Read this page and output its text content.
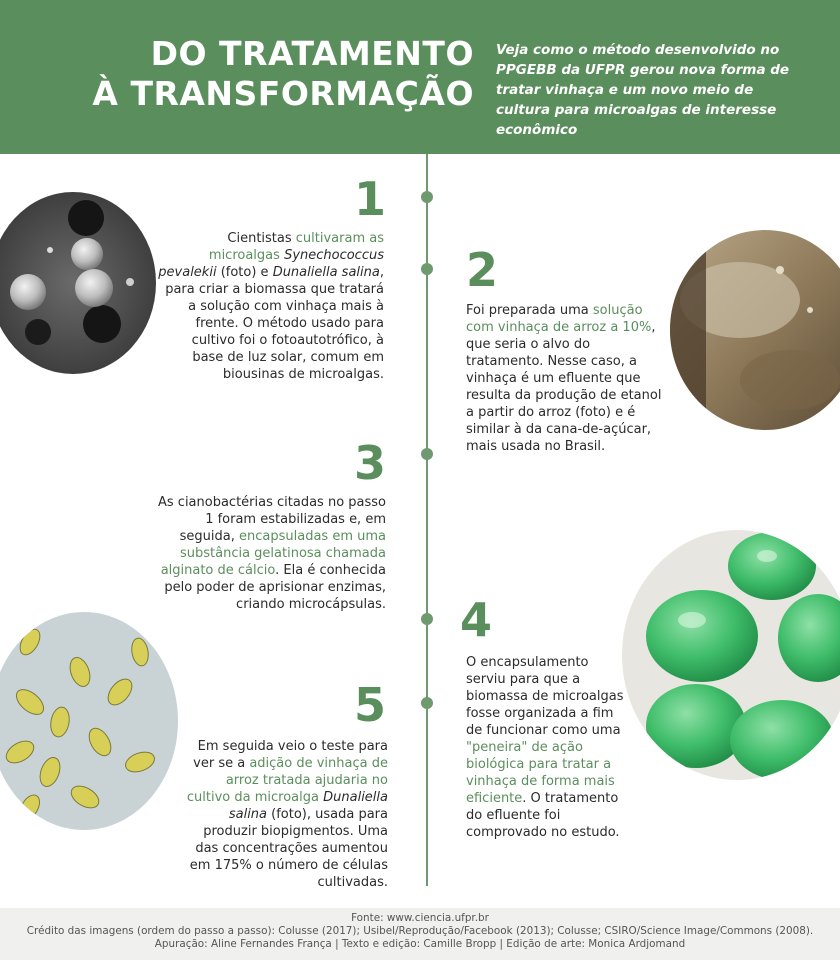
DO TRATAMENTO
À TRANSFORMAÇÃO

Veja como o método desenvolvido no PPGEBB da UFPR gerou nova forma de tratar vinhaça e um novo meio de cultura para microalgas de interesse econômico

1

Cientistas cultivaram as microalgas Synechococcus pevalekii (foto) e Dunaliella salina, para criar a biomassa que tratará a solução com vinhaça mais à frente. O método usado para cultivo foi o fotoautotrófico, à base de luz solar, comum em biousinas de microalgas.

2

Foi preparada uma solução com vinhaça de arroz a 10%, que seria o alvo do tratamento. Nesse caso, a vinhaça é um efluente que resulta da produção de etanol a partir do arroz (foto) e é similar à da cana-de-açúcar, mais usada no Brasil.

3

As cianobactérias citadas no passo 1 foram estabilizadas e, em seguida, encapsuladas em uma substância gelatinosa chamada alginato de cálcio. Ela é conhecida pelo poder de aprisionar enzimas, criando microcápsulas. 4

O encapsulamento serviu para que a biomassa de microalgas fosse organizada a fim de funcionar como uma "peneira" de ação biológica para tratar a vinhaça de forma mais eficiente. O tratamento do efluente foi comprovado no estudo.

5

Em seguida veio o teste para ver se a adição de vinhaça de arroz tratada ajudaria no cultivo da microalga Dunaliella salina (foto), usada para produzir biopigmentos. Uma das concentrações aumentou em 175% o número de células cultivadas.

Fonte: www.ciencia.ufpr.br
Crédito das imagens (ordem do passo a passo): Colusse (2017); Usibel/Reprodução/Facebook (2013); Colusse; CSIRO/Science Image/Commons (2008).
Apuração: Aline Fernandes França | Texto e edição: Camille Bropp | Edição de arte: Monica Ardjomand
